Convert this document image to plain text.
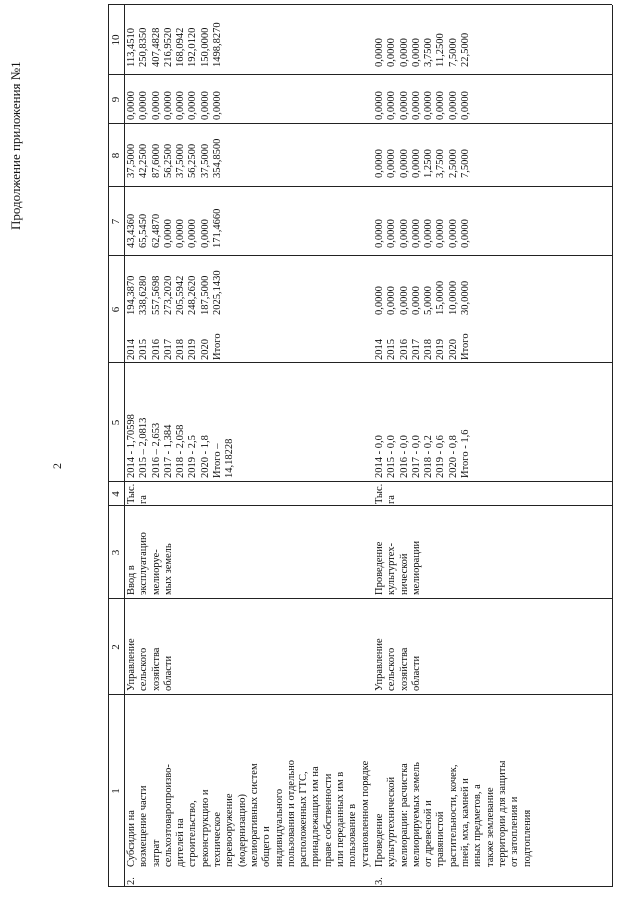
2
Продолжение приложения №1
1
2
3
4
5
6
7
8
9
10
2.
Субсидии на
возмещение части
затрат
сельхозтоваропроизво-
дителей на
строительство,
реконструкцию и
техническое
перевооружение
(модернизацию)
мелиоративных систем
общего и
индивидуального
пользования и отдельно
расположенных ГТС,
принадлежащих им на
праве собственности
или переданных им в
пользование в
установленном порядке
Управление
сельского
хозяйства
области
Ввод в
эксплуатацию
мелиоруе-
мых земель
Тыс.
га
2014 - 1,70598
2015 – 2,0813
2016 – 2,653
2017 - 1,384
2018 - 2,058
2019 - 2,5
2020 - 1,8
Итого –
14,18228
2014
2015
2016
2017
2018
2019
2020
Итого
194,3870
338,6280
557,5698
273,2020
205,5942
248,2620
187,5000
2025,1430
43,4360
65,5450
62,4870
0,0000
0,0000
0,0000
0,0000
171,4660
37,5000
42,2500
87,6000
56,2500
37,5000
56,2500
37,5000
354,8500
0,0000
0,0000
0,0000
0,0000
0,0000
0,0000
0,0000
0,0000
113,4510
250,8350
407,4828
216,9520
168,0942
192,0120
150,0000
1498,8270
3.
Проведение
культуртехнической
мелиорации: расчистка
мелиорируемых земель
от древесной и
травянистой
растительности, кочек,
пней, мха, камней и
иных предметов, а
также землевание
территории для защиты
от затопления и
подтопления
Управление
сельского
хозяйства
области
Проведение
культуртех-
нической
мелиорации
Тыс.
га
2014 - 0,0
2015 - 0,0
2016 - 0,0
2017 - 0,0
2018 - 0,2
2019 - 0,6
2020 - 0,8
Итого - 1,6
2014
2015
2016
2017
2018
2019
2020
Итого
0,0000
0,0000
0,0000
0,0000
5,0000
15,0000
10,0000
30,0000
0,0000
0,0000
0,0000
0,0000
0,0000
0,0000
0,0000
0,0000
0,0000
0,0000
0,0000
0,0000
1,2500
3,7500
2,5000
7,5000
0,0000
0,0000
0,0000
0,0000
0,0000
0,0000
0,0000
0,0000
0,0000
0,0000
0,0000
0,0000
3,7500
11,2500
7,5000
22,5000
